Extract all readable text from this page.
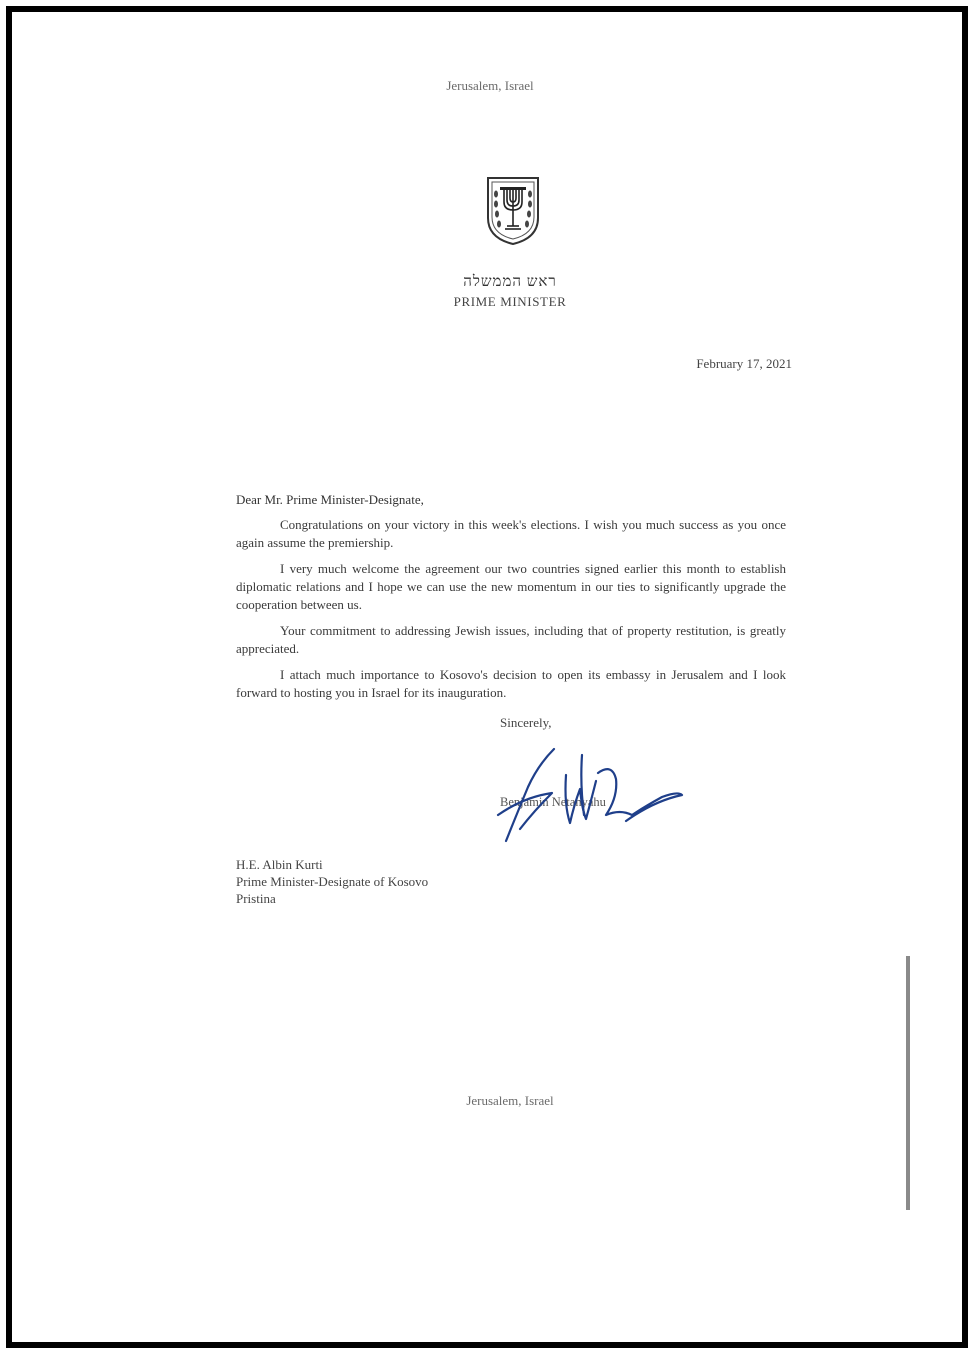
Jerusalem, Israel
ראש הממשלה
PRIME MINISTER
February 17, 2021
Dear Mr. Prime Minister-Designate,

Congratulations on your victory in this week's elections. I wish you much success as you once again assume the premiership.

I very much welcome the agreement our two countries signed earlier this month to establish diplomatic relations and I hope we can use the new momentum in our ties to significantly upgrade the cooperation between us.

Your commitment to addressing Jewish issues, including that of property restitution, is greatly appreciated.

I attach much importance to Kosovo's decision to open its embassy in Jerusalem and I look forward to hosting you in Israel for its inauguration.

Sincerely,
Benjamin Netanyahu
H.E. Albin Kurti
Prime Minister-Designate of Kosovo
Pristina
Jerusalem, Israel
